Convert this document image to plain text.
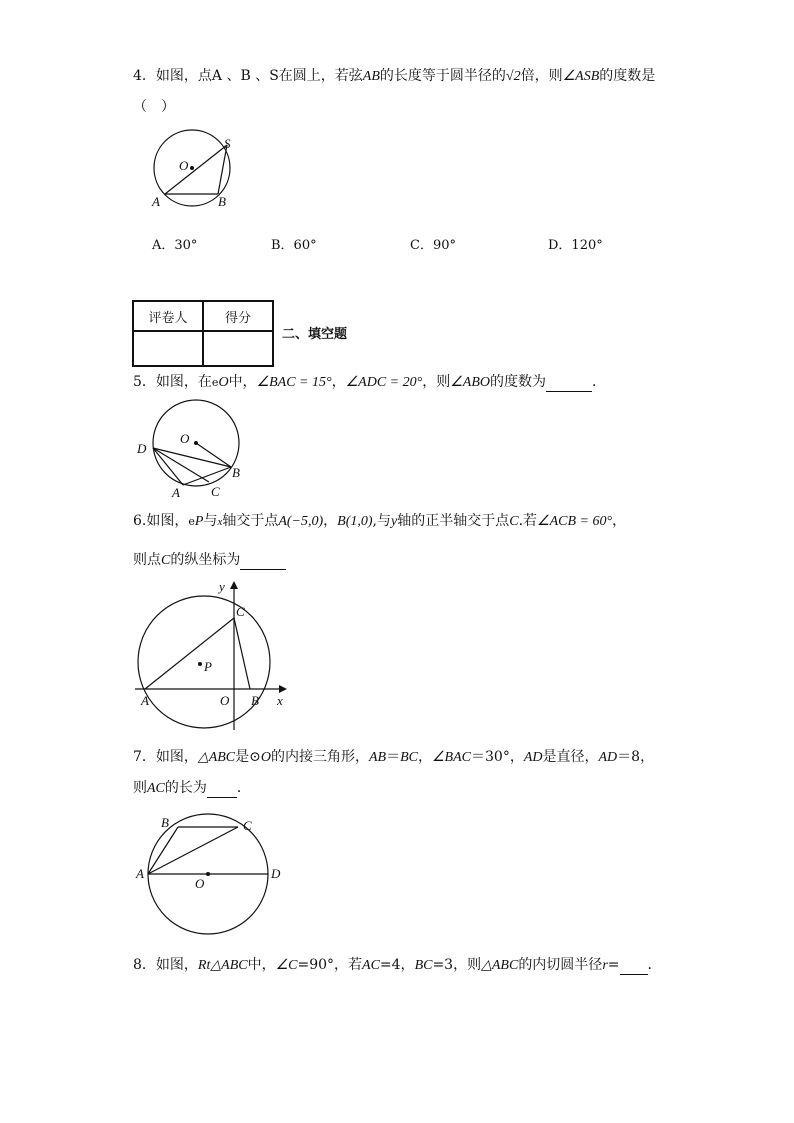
4．如图，点A 、B 、S在圆上，若弦AB的长度等于圆半径的√2倍，则∠ASB的度数是
（　）
O
S
A	B
A．30°	B．60°	C．90°	D．120°
评卷人	得分

二、填空题
5．如图，在eO中，∠BAC = 15°，∠ADC = 20°，则∠ABO的度数为	．
O
D
A
B
C
6.如图，eP与x轴交于点A(−5,0)，B(1,0),与y轴的正半轴交于点C.若∠ACB = 60°，
则点C的纵坐标为
y
C
P
A	O B x
7．如图，△ABC是⊙O的内接三角形，AB＝BC，∠BAC＝30°，AD是直径，AD＝8，
则AC的长为 ．
B	C
A
O
D
8．如图，Rt△ABC中，∠C=90°，若AC=4，BC=3，则△ABC的内切圆半径r= ．
